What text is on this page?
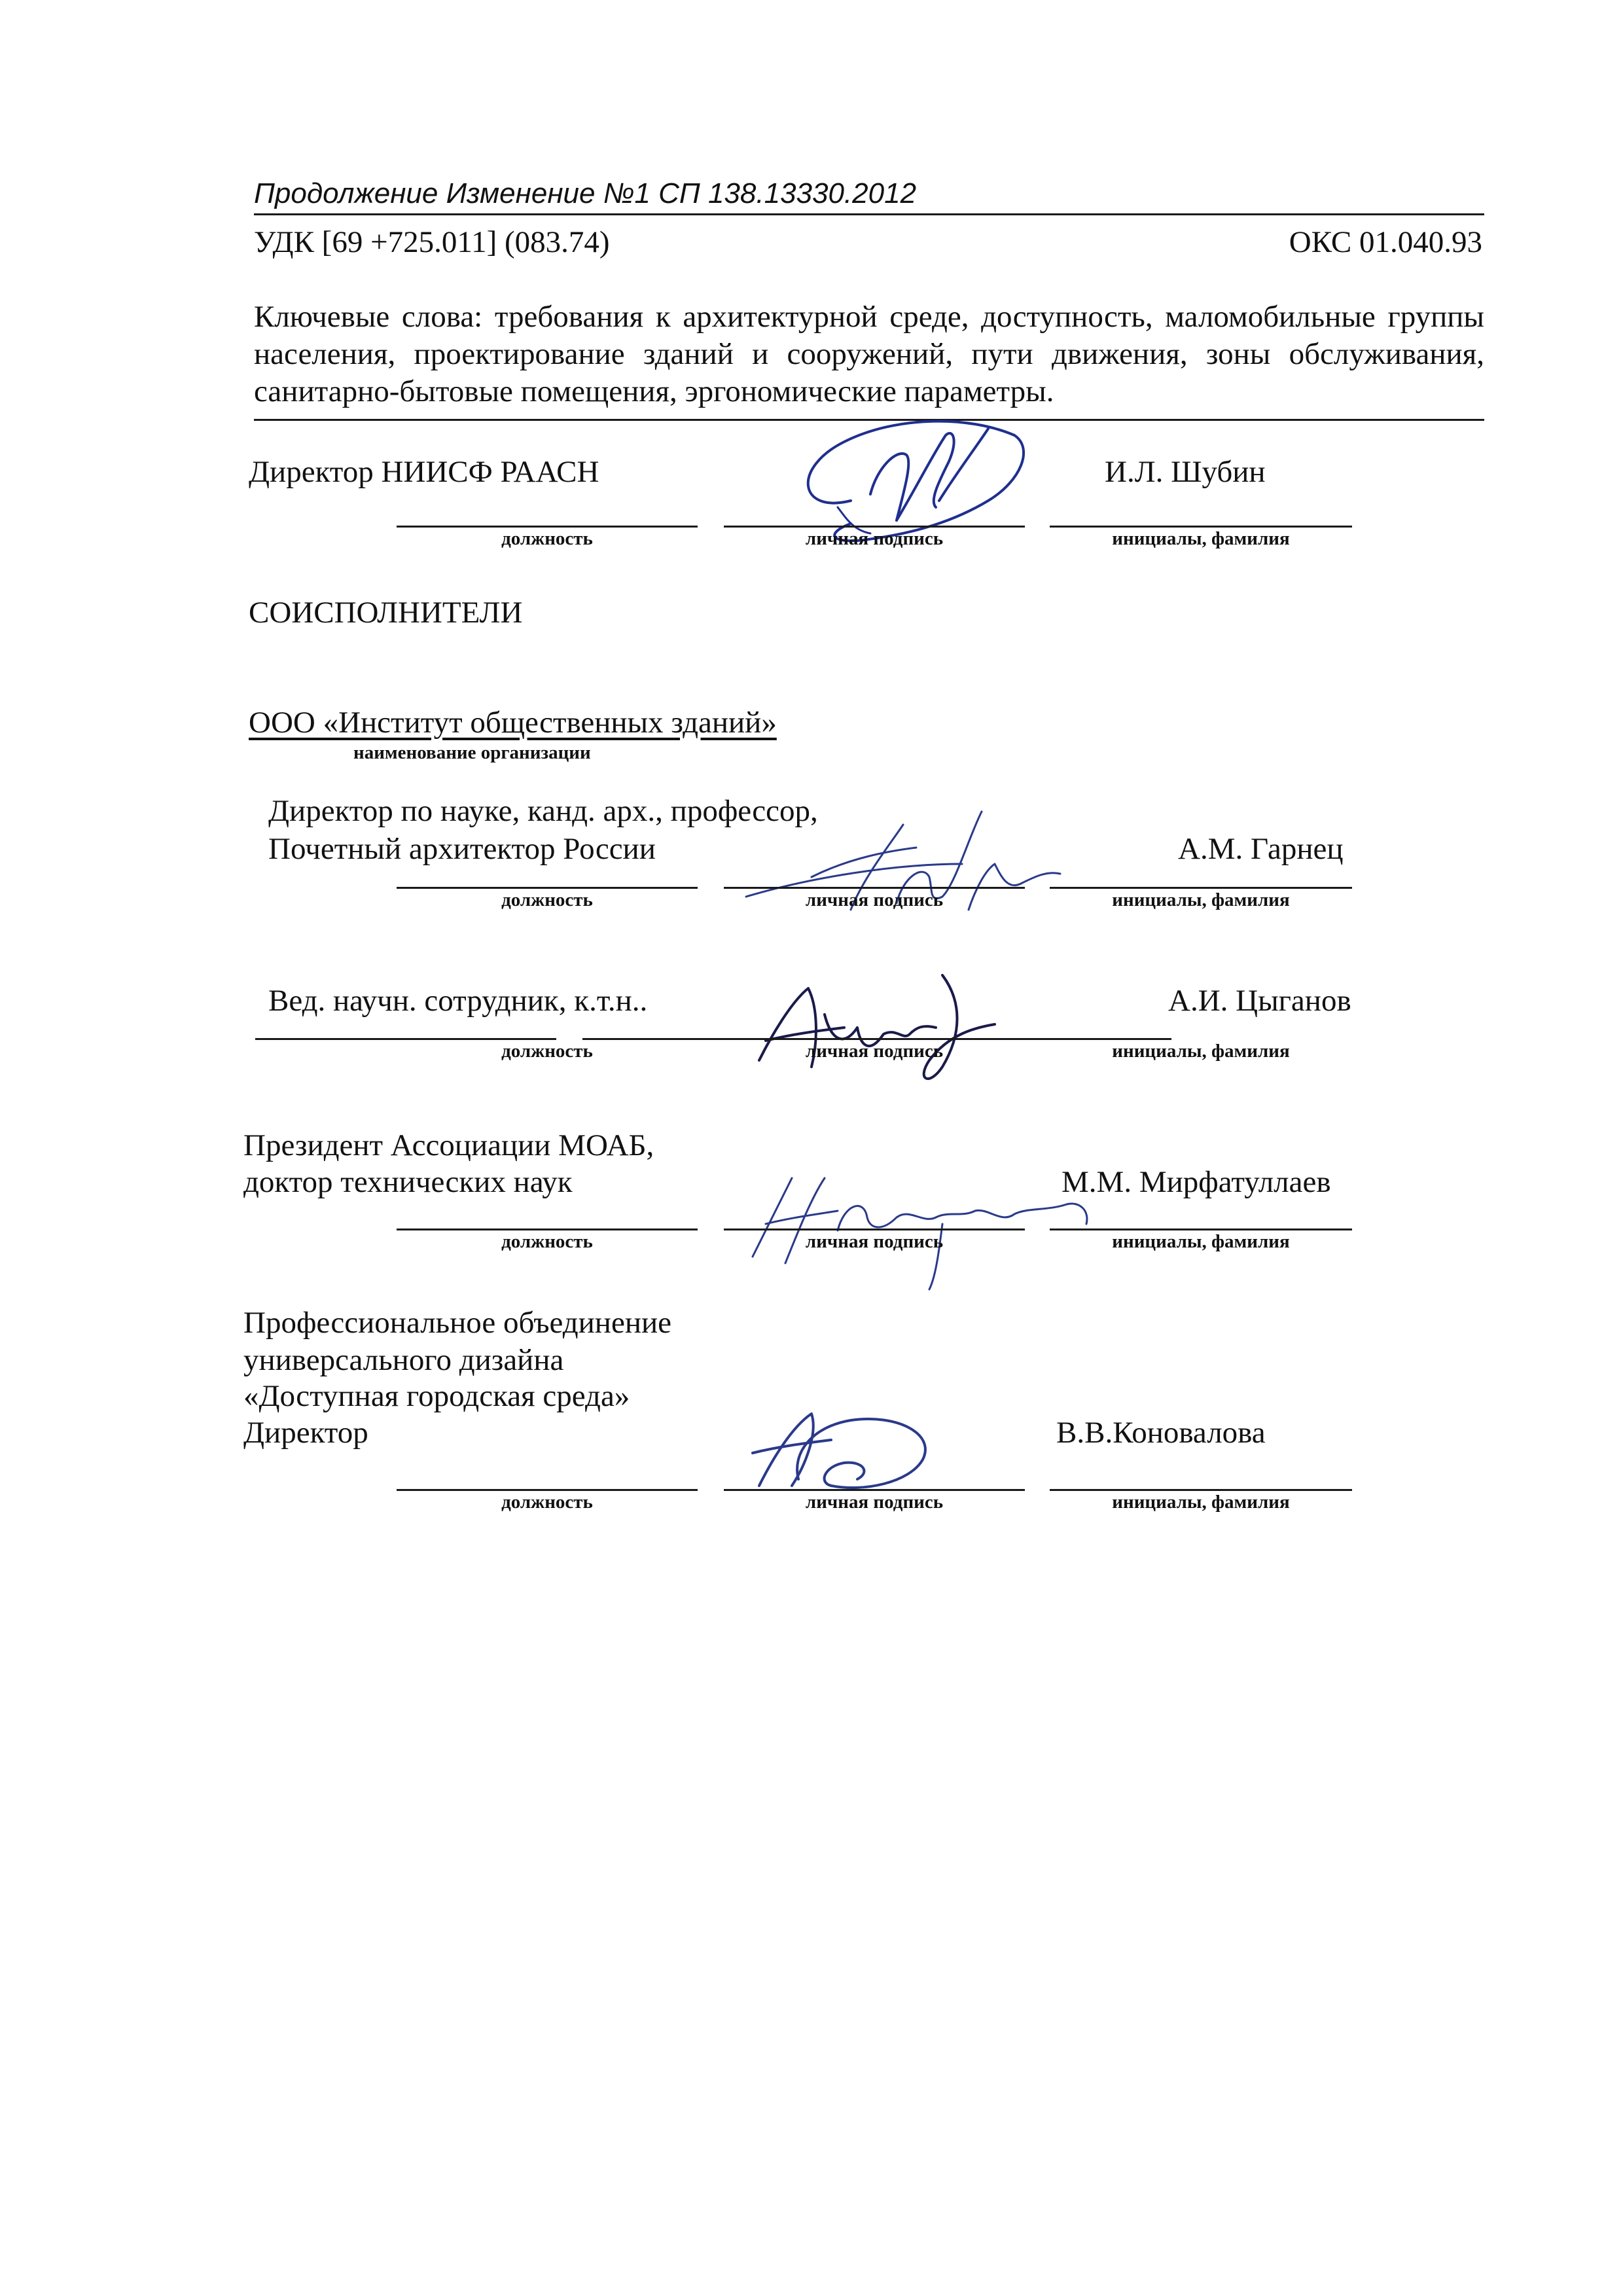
Продолжение Изменение №1 СП 138.13330.2012
УДК [69 +725.011] (083.74)	ОКС 01.040.93
Ключевые слова: требования к архитектурной среде, доступность, маломобильные группы
населения, проектирование зданий и сооружений, пути движения, зоны обслуживания,
санитарно-бытовые помещения, эргономические параметры.
Директор НИИСФ РААСН	И.Л. Шубин
должность	личная подпись	инициалы, фамилия
СОИСПОЛНИТЕЛИ
ООО «Институт общественных зданий»
наименование организации
Директор по науке, канд. арх., профессор,
Почетный архитектор России	А.М. Гарнец
должность	личная подпись	инициалы, фамилия
Вед. научн. сотрудник, к.т.н..	А.И. Цыганов
должность	личная подпись	инициалы, фамилия
Президент Ассоциации МОАБ,
доктор технических наук	М.М. Мирфатуллаев
должность	личная подпись	инициалы, фамилия
Профессиональное объединение
универсального дизайна
«Доступная городская среда»
Директор	В.В.Коновалова
должность	личная подпись	инициалы, фамилия
